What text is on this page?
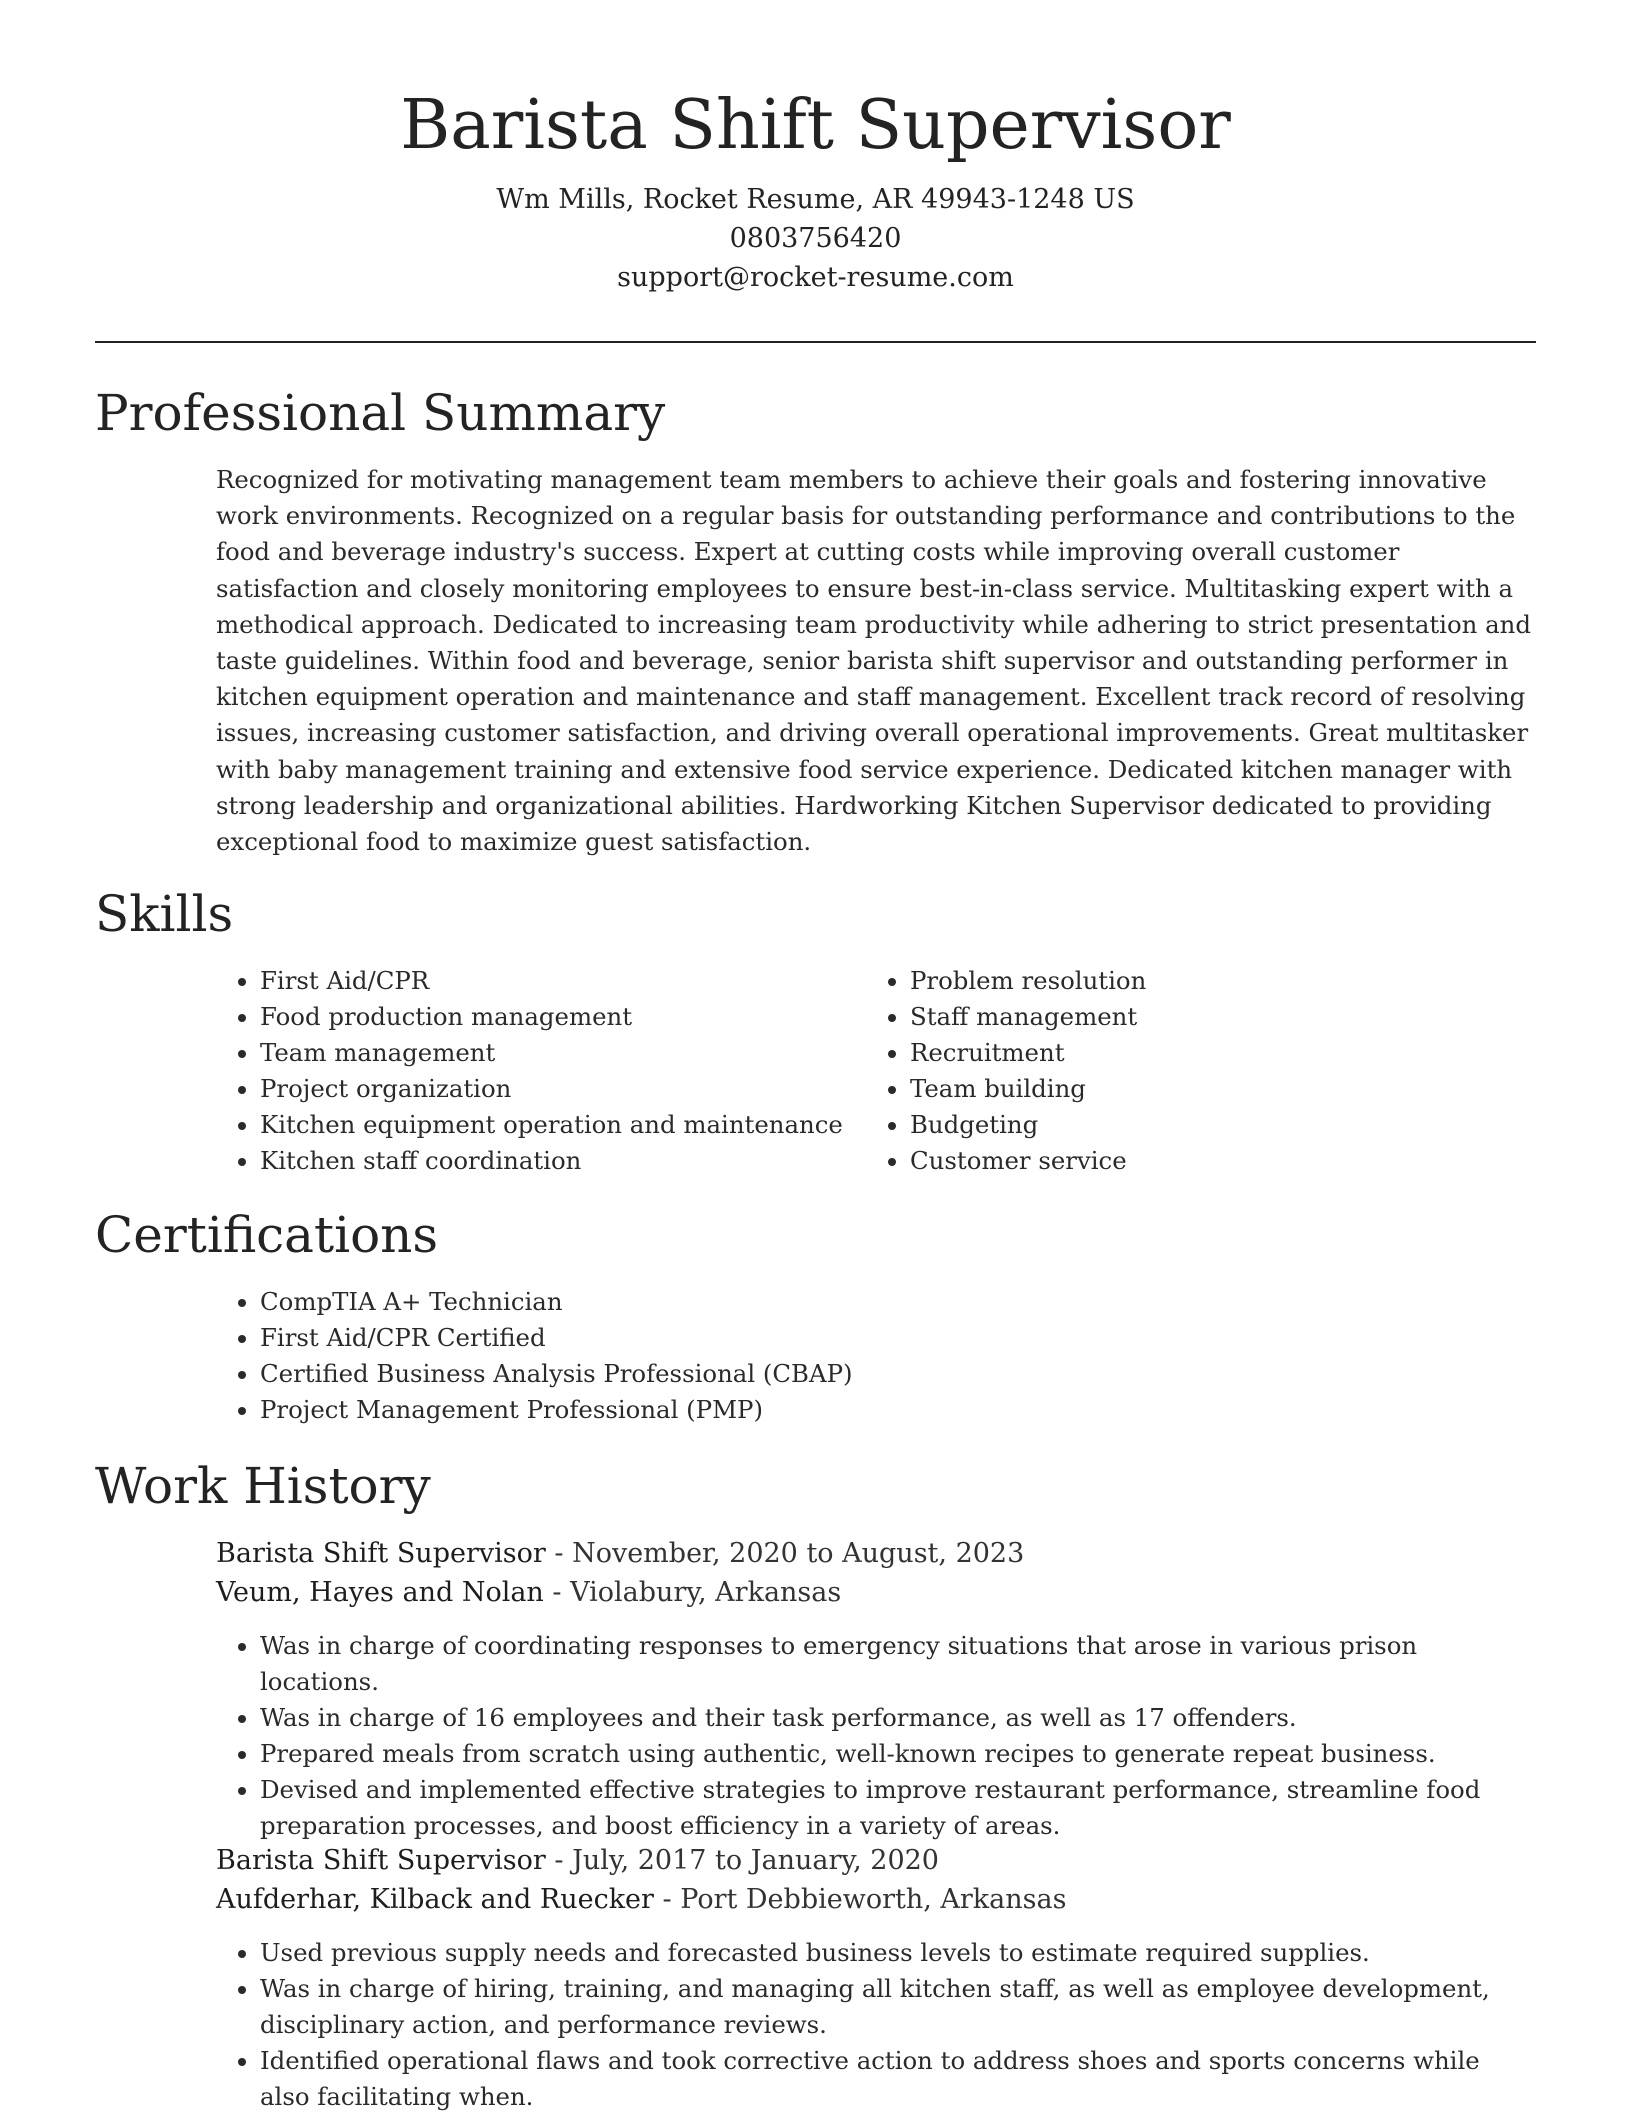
Barista Shift Supervisor
Wm Mills, Rocket Resume, AR 49943-1248 US
0803756420
support@rocket-resume.com
Professional Summary
Recognized for motivating management team members to achieve their goals and fostering innovative work environments. Recognized on a regular basis for outstanding performance and contributions to the food and beverage industry's success. Expert at cutting costs while improving overall customer satisfaction and closely monitoring employees to ensure best-in-class service. Multitasking expert with a methodical approach. Dedicated to increasing team productivity while adhering to strict presentation and taste guidelines. Within food and beverage, senior barista shift supervisor and outstanding performer in kitchen equipment operation and maintenance and staff management. Excellent track record of resolving issues, increasing customer satisfaction, and driving overall operational improvements. Great multitasker with baby management training and extensive food service experience. Dedicated kitchen manager with strong leadership and organizational abilities. Hardworking Kitchen Supervisor dedicated to providing exceptional food to maximize guest satisfaction.
Skills
• First Aid/CPR
• Food production management
• Team management
• Project organization
• Kitchen equipment operation and maintenance
• Kitchen staff coordination
• Problem resolution
• Staff management
• Recruitment
• Team building
• Budgeting
• Customer service
Certifications
• CompTIA A+ Technician
• First Aid/CPR Certified
• Certified Business Analysis Professional (CBAP)
• Project Management Professional (PMP)
Work History
Barista Shift Supervisor - November, 2020 to August, 2023
Veum, Hayes and Nolan - Violabury, Arkansas
• Was in charge of coordinating responses to emergency situations that arose in various prison locations.
• Was in charge of 16 employees and their task performance, as well as 17 offenders.
• Prepared meals from scratch using authentic, well-known recipes to generate repeat business.
• Devised and implemented effective strategies to improve restaurant performance, streamline food preparation processes, and boost efficiency in a variety of areas.
Barista Shift Supervisor - July, 2017 to January, 2020
Aufderhar, Kilback and Ruecker - Port Debbieworth, Arkansas
• Used previous supply needs and forecasted business levels to estimate required supplies.
• Was in charge of hiring, training, and managing all kitchen staff, as well as employee development, disciplinary action, and performance reviews.
• Identified operational flaws and took corrective action to address shoes and sports concerns while also facilitating when.
